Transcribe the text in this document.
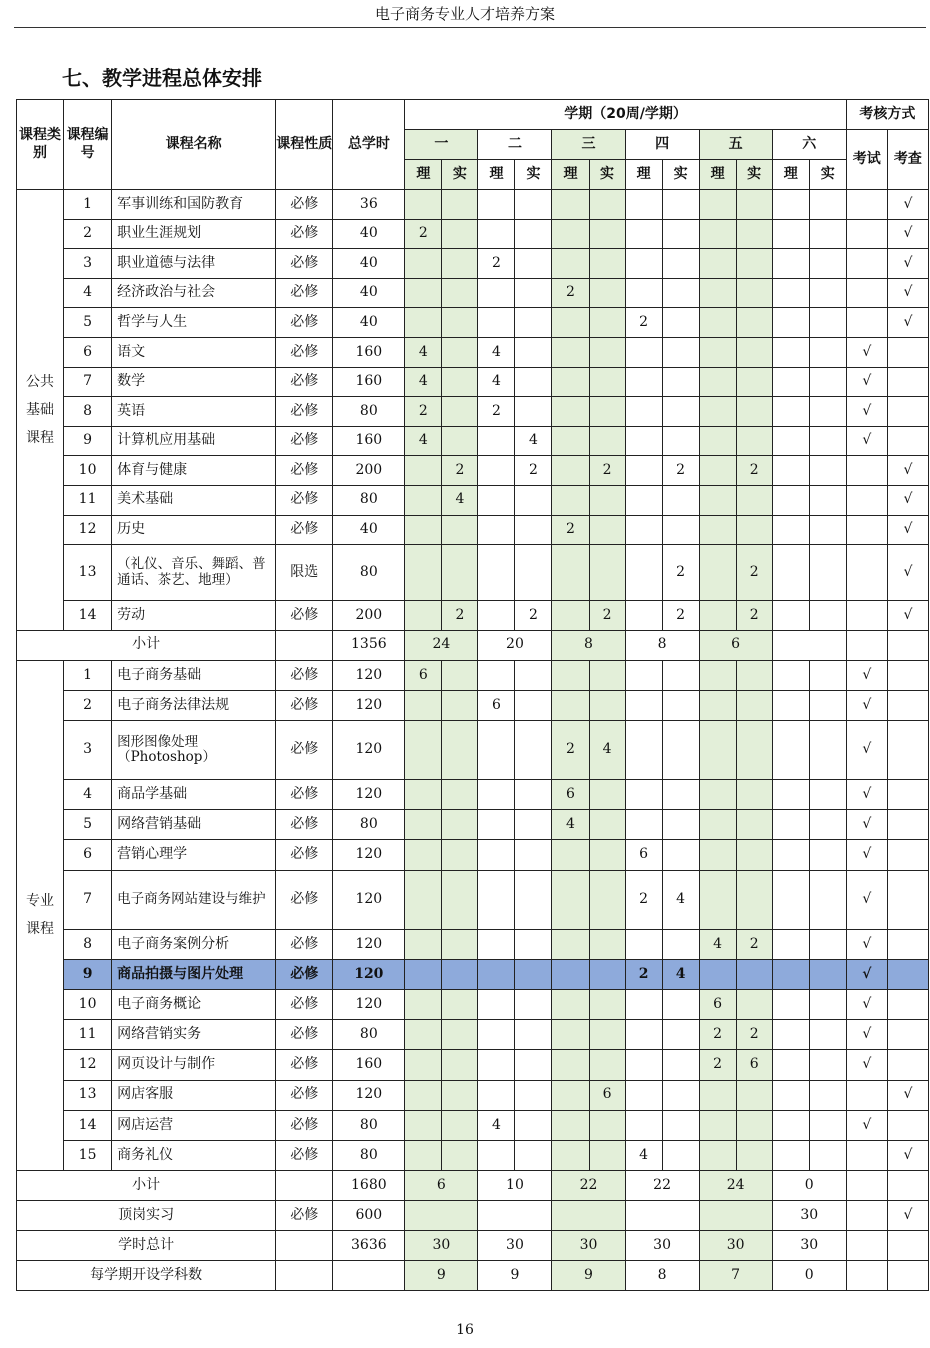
电子商务专业人才培养方案
七、教学进程总体安排
课程类别	课程编号	课程名称	课程性质	总学时	学期（20周/学期）												考核方式	
					一		二		三		四		五		六		考试	考查
					理	实	理	实	理	实	理	实	理	实	理	实		
公共基础课程	1	军事训练和国防教育	必修	36														√
	2	职业生涯规划	必修	40	2													√
	3	职业道德与法律	必修	40			2											√
	4	经济政治与社会	必修	40					2									√
	5	哲学与人生	必修	40							2							√
	6	语文	必修	160	4		4										√	
	7	数学	必修	160	4		4										√	
	8	英语	必修	80	2		2										√	
	9	计算机应用基础	必修	160	4			4									√	
	10	体育与健康	必修	200		2		2		2		2		2				√
	11	美术基础	必修	80		4												√
	12	历史	必修	40					2									√
	13	（礼仪、音乐、舞蹈、普通话、茶艺、地理）	限选	80								2		2				√
	14	劳动	必修	200		2		2		2		2		2				√
小计				1356	24		20		8		8		6					
专业课程	1	电子商务基础	必修	120	6												√	
	2	电子商务法律法规	必修	120			6										√	
	3	图形图像处理（Photoshop）	必修	120					2	4							√	
	4	商品学基础	必修	120					6								√	
	5	网络营销基础	必修	80					4								√	
	6	营销心理学	必修	120							6						√	
	7	电子商务网站建设与维护	必修	120							2	4					√	
	8	电子商务案例分析	必修	120									4	2			√	
	9	商品拍摄与图片处理	必修	120							2	4					√	
	10	电子商务概论	必修	120									6				√	
	11	网络营销实务	必修	80									2	2			√	
	12	网页设计与制作	必修	160									2	6			√	
	13	网店客服	必修	120						6								√
	14	网店运营	必修	80			4										√	
	15	商务礼仪	必修	80							4							√
小计				1680	6		10		22		22		24		0			
顶岗实习			必修	600											30			√
学时总计				3636	30		30		30		30		30		30			
每学期开设学科数					9		9		9		8		7		0			
16
